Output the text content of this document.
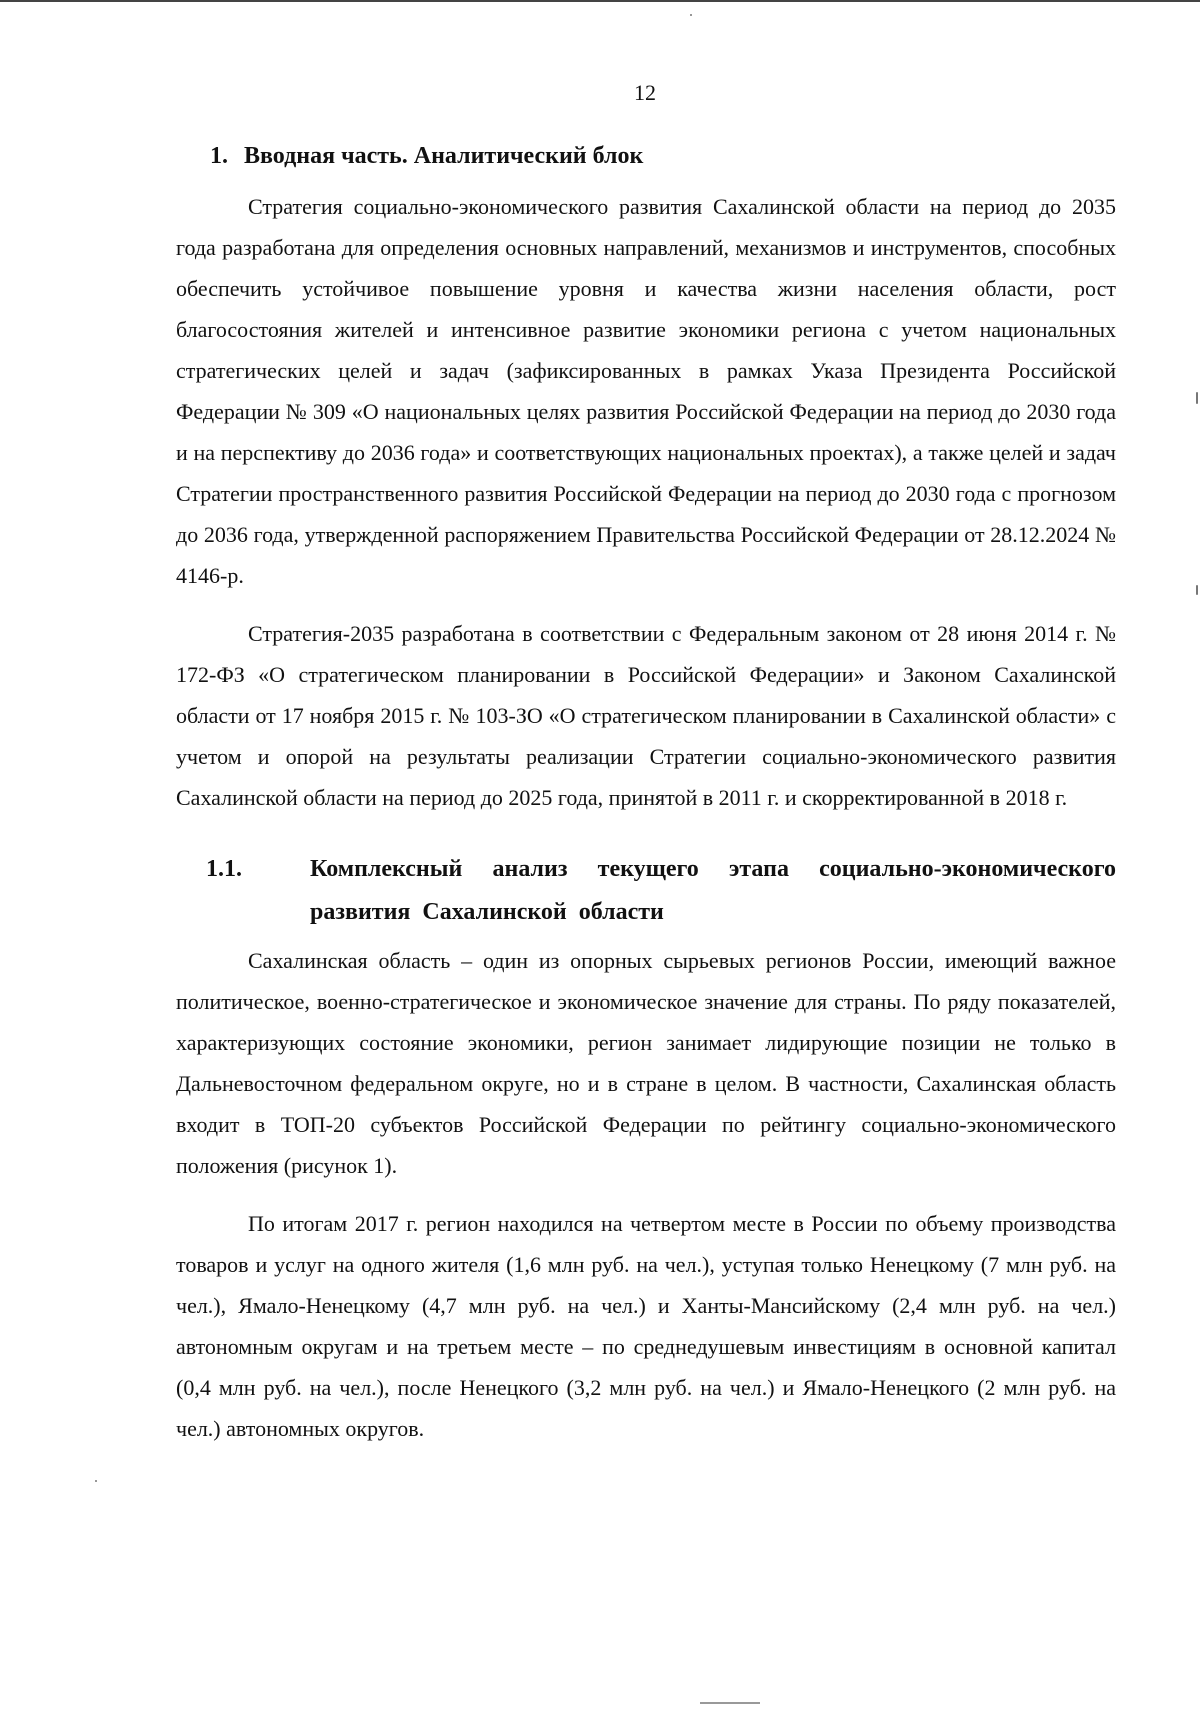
12
1. Вводная часть. Аналитический блок

Стратегия социально-экономического развития Сахалинской области на период до 2035 года разработана для определения основных направлений, механизмов и инструментов, способных обеспечить устойчивое повышение уровня и качества жизни населения области, рост благосостояния жителей и интенсивное развитие экономики региона с учетом национальных стратегических целей и задач (зафиксированных в рамках Указа Президента Российской Федерации № 309 «О национальных целях развития Российской Федерации на период до 2030 года и на перспективу до 2036 года» и соответствующих национальных проектах), а также целей и задач Стратегии пространственного развития Российской Федерации на период до 2030 года с прогнозом до 2036 года, утвержденной распоряжением Правительства Российской Федерации от 28.12.2024 № 4146-р.

Стратегия-2035 разработана в соответствии с Федеральным законом от 28 июня 2014 г. № 172-ФЗ «О стратегическом планировании в Российской Федерации» и Законом Сахалинской области от 17 ноября 2015 г. № 103-ЗО «О стратегическом планировании в Сахалинской области» с учетом и опорой на результаты реализации Стратегии социально-экономического развития Сахалинской области на период до 2025 года, принятой в 2011 г. и скорректированной в 2018 г.

1.1.	Комплексный анализ текущего этапа социально-экономического развития Сахалинской области

Сахалинская область – один из опорных сырьевых регионов России, имеющий важное политическое, военно-стратегическое и экономическое значение для страны. По ряду показателей, характеризующих состояние экономики, регион занимает лидирующие позиции не только в Дальневосточном федеральном округе, но и в стране в целом. В частности, Сахалинская область входит в ТОП-20 субъектов Российской Федерации по рейтингу социально-экономического положения (рисунок 1).

По итогам 2017 г. регион находился на четвертом месте в России по объему производства товаров и услуг на одного жителя (1,6 млн руб. на чел.), уступая только Ненецкому (7 млн руб. на чел.), Ямало-Ненецкому (4,7 млн руб. на чел.) и Ханты-Мансийскому (2,4 млн руб. на чел.) автономным округам и на третьем месте – по среднедушевым инвестициям в основной капитал (0,4 млн руб. на чел.), после Ненецкого (3,2 млн руб. на чел.) и Ямало-Ненецкого (2 млн руб. на чел.) автономных округов.
